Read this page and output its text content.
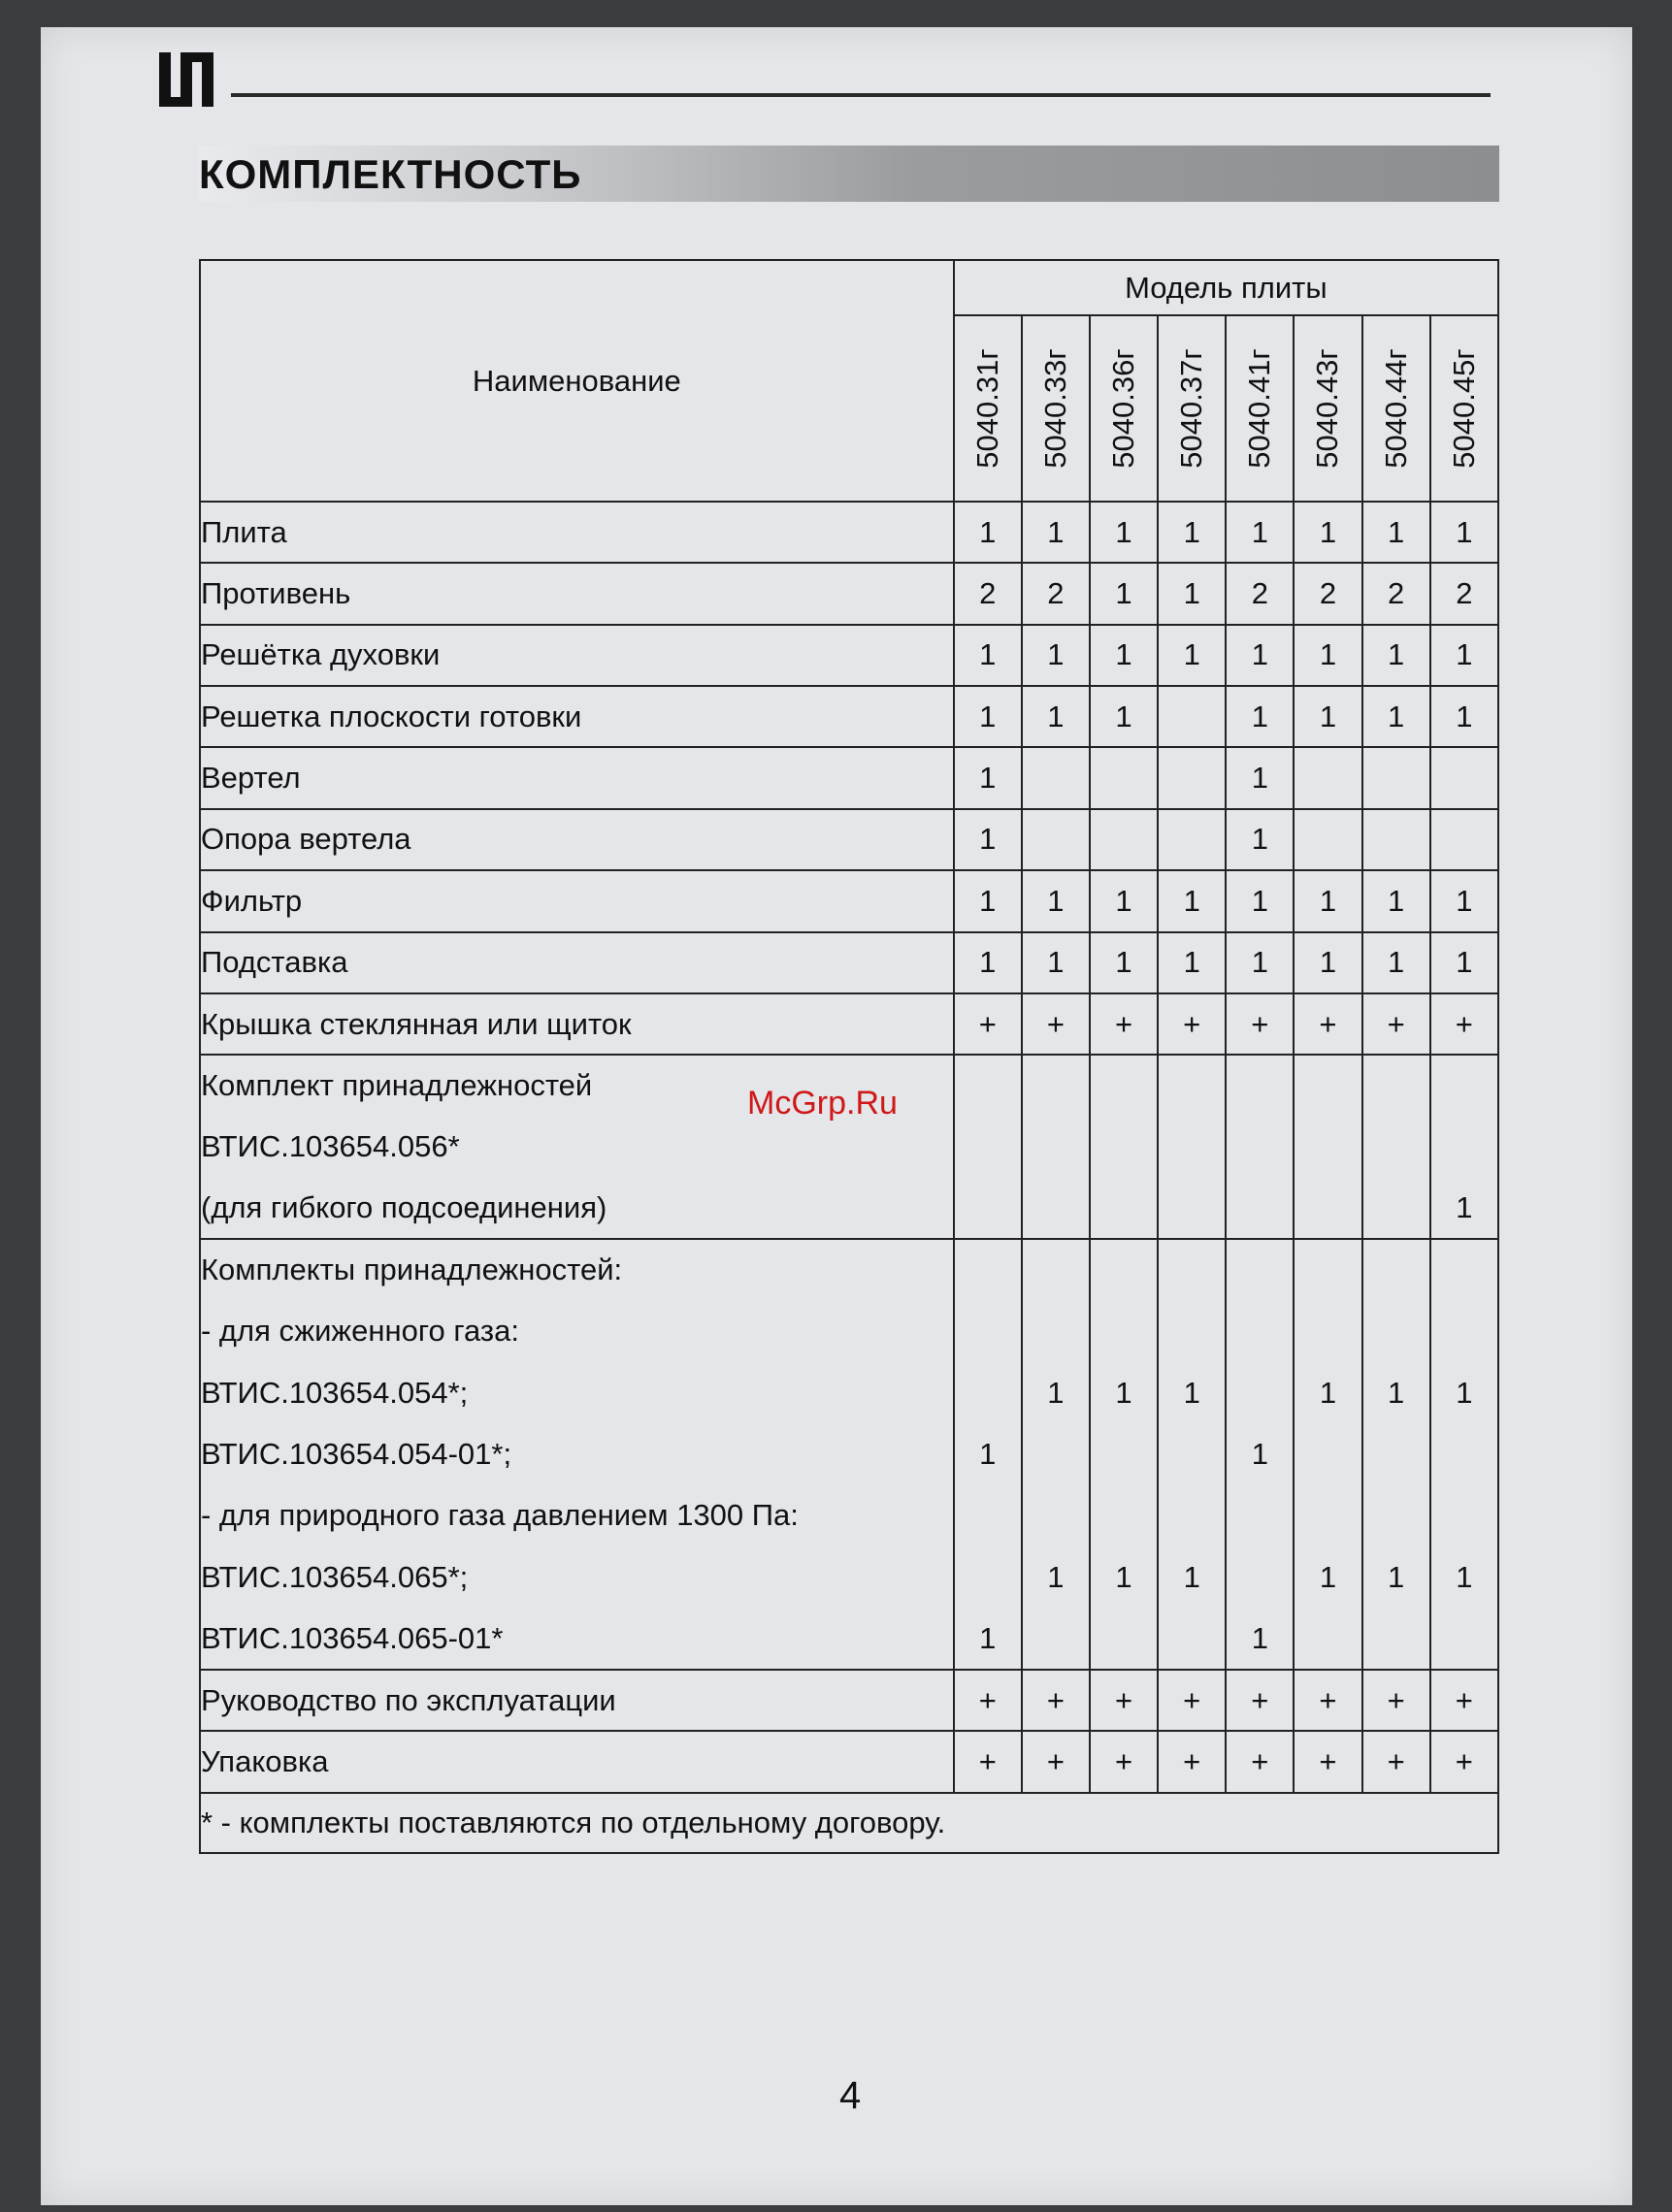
КОМПЛЕКТНОСТЬ
Наименование	Модель плиты							

	5040.31г	5040.33г	5040.36г	5040.37г	5040.41г	5040.43г	5040.44г	5040.45г

Плита	1	1	1	1	1	1	1	1
Противень	2	2	1	1	2	2	2	2
Решётка духовки	1	1	1	1	1	1	1	1
Решетка плоскости готовки	1	1	1		1	1	1	1
Вертел	1				1			
Опора вертела	1				1			
Фильтр	1	1	1	1	1	1	1	1
Подставка	1	1	1	1	1	1	1	1
Крышка стеклянная или щиток	+	+	+	+	+	+	+	+
Комплект принадлежностей								
ВТИС.103654.056*								
(для гибкого подсоединения)								1
Комплекты принадлежностей:								
- для сжиженного газа:								
ВТИС.103654.054*;		1	1	1		1	1	1
ВТИС.103654.054-01*;	1				1			
- для природного газа давлением 1300 Па:								
ВТИС.103654.065*;		1	1	1		1	1	1
ВТИС.103654.065-01*	1				1			
Руководство по эксплуатации	+	+	+	+	+	+	+	+
Упаковка	+	+	+	+	+	+	+	+
* - комплекты поставляются по отдельному договору.								
McGrp.Ru
4
